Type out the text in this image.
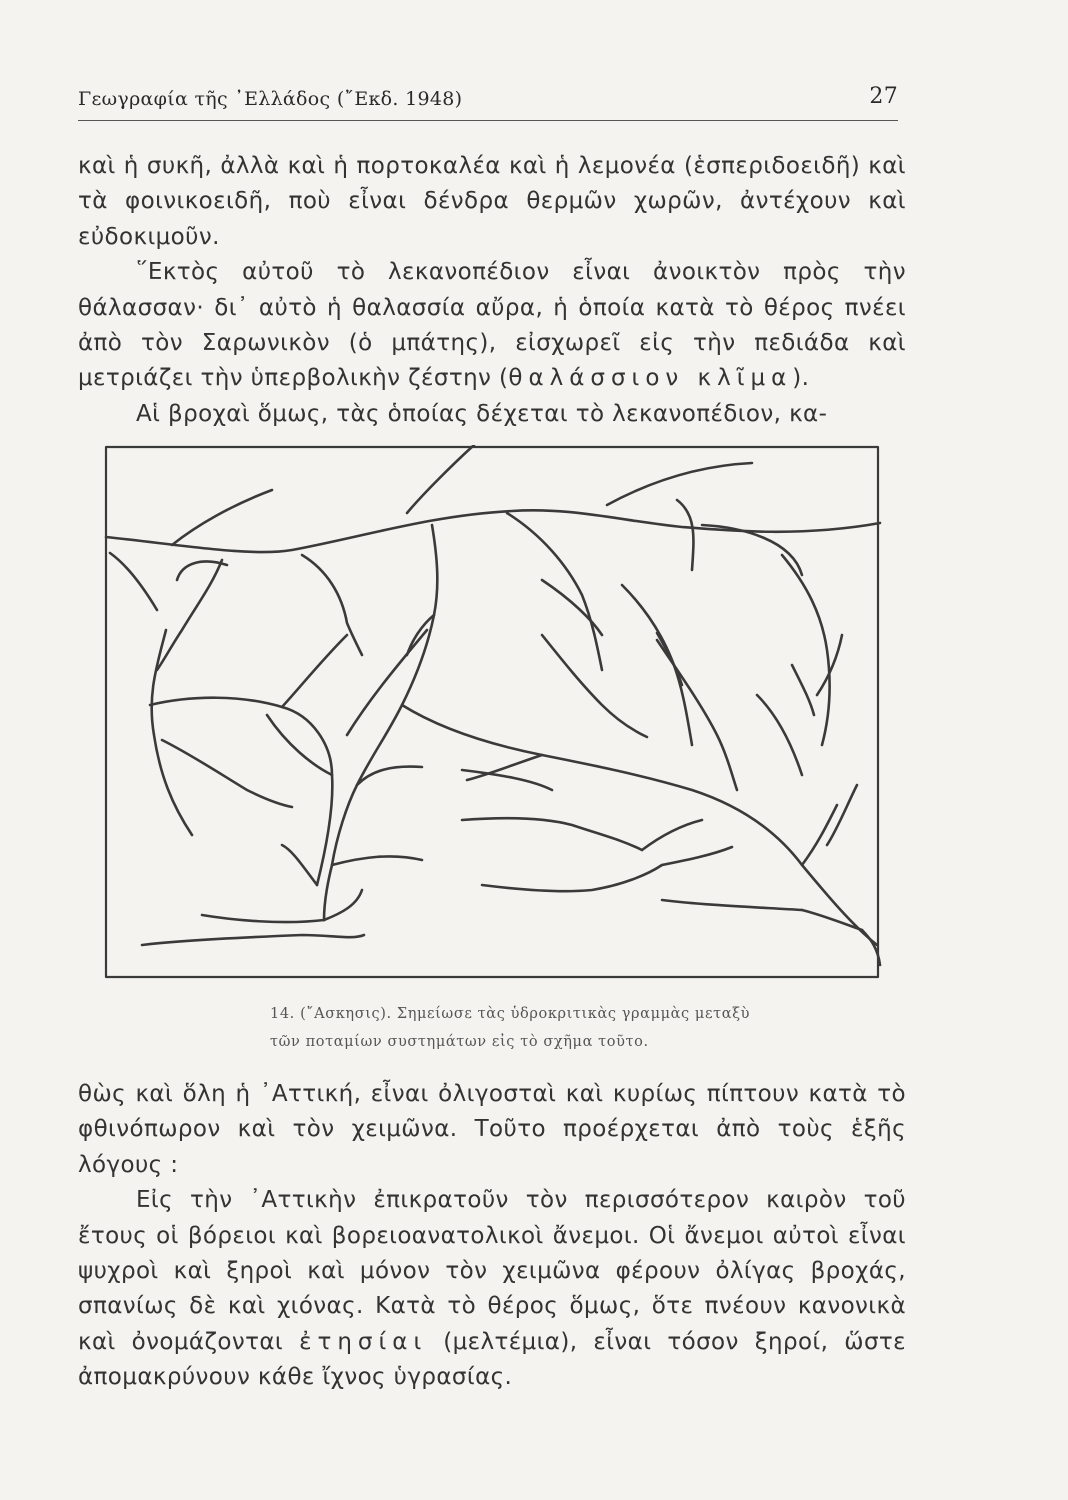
Γεωγραφία τῆς ᾿Ελλάδος (῎Εκδ. 1948)	27

καὶ ἡ συκῆ, ἀλλὰ καὶ ἡ πορτοκαλέα καὶ ἡ λεμονέα (ἑσπεριδοειδῆ) καὶ τὰ φοινικοειδῆ, ποὺ εἶναι δένδρα θερμῶν χωρῶν, ἀντέχουν καὶ εὐδοκιμοῦν.

῞Εκτὸς αὐτοῦ τὸ λεκανοπέδιον εἶναι ἀνοικτὸν πρὸς τὴν θάλασσαν· δι᾿ αὐτὸ ἡ θαλασσία αὔρα, ἡ ὁποία κατὰ τὸ θέρος πνέει ἀπὸ τὸν Σαρωνικὸν (ὁ μπάτης), εἰσχωρεῖ εἰς τὴν πεδιάδα καὶ μετριάζει τὴν ὑπερβολικὴν ζέστην (θαλάσσιον κλῖμα).

Αἱ βροχαὶ ὅμως, τὰς ὁποίας δέχεται τὸ λεκανοπέδιον, κα-

14. (῎Ασκησις). Σημείωσε τὰς ὑδροκριτικὰς γραμμὰς μεταξὺ

τῶν ποταμίων συστημάτων εἰς τὸ σχῆμα τοῦτο.

θὼς καὶ ὅλη ἡ ᾿Αττική, εἶναι ὀλιγοσταὶ καὶ κυρίως πίπτουν κατὰ τὸ φθινόπωρον καὶ τὸν χειμῶνα. Τοῦτο προέρχεται ἀπὸ τοὺς ἑξῆς λόγους :

Εἰς τὴν ᾿Αττικὴν ἐπικρατοῦν τὸν περισσότερον καιρὸν τοῦ ἔτους οἱ βόρειοι καὶ βορειοανατολικοὶ ἄνεμοι. Οἱ ἄνεμοι αὐτοὶ εἶναι ψυχροὶ καὶ ξηροὶ καὶ μόνον τὸν χειμῶνα φέρουν ὀλίγας βροχάς, σπανίως δὲ καὶ χιόνας. Κατὰ τὸ θέρος ὅμως, ὅτε πνέουν κανονικὰ καὶ ὀνομάζονται ἐτησίαι (μελτέμια), εἶναι τόσον ξηροί, ὥστε ἀπομακρύνουν κάθε ἴχνος ὑγρασίας.
